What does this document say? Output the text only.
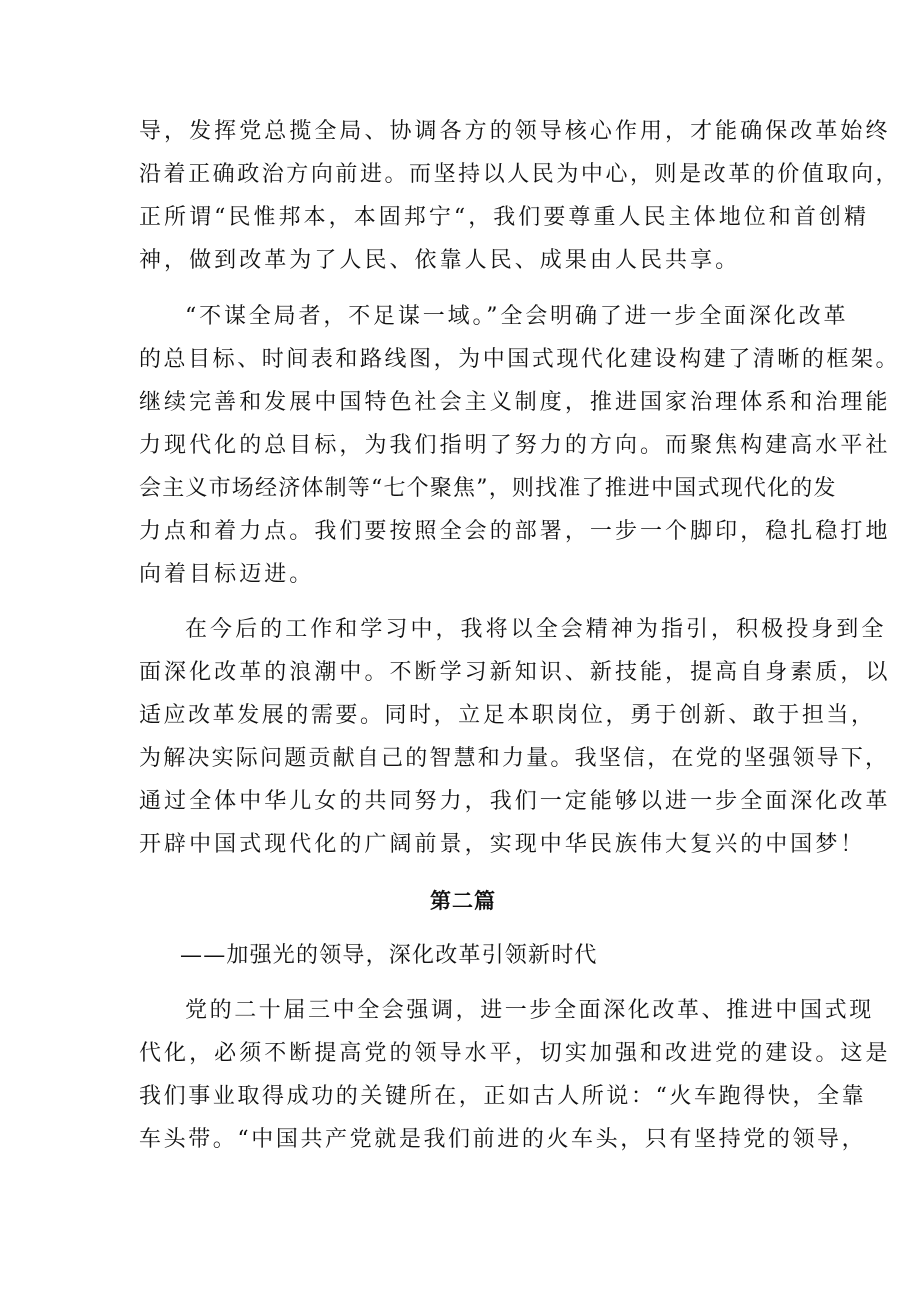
导，发挥党总揽全局、协调各方的领导核心作用，才能确保改革始终
沿着正确政治方向前进。而坚持以人民为中心，则是改革的价值取向，
正所谓“民惟邦本，本固邦宁“，我们要尊重人民主体地位和首创精
神，做到改革为了人民、依靠人民、成果由人民共享。
“不谋全局者，不足谋一域。”全会明确了进一步全面深化改革
的总目标、时间表和路线图，为中国式现代化建设构建了清晰的框架。
继续完善和发展中国特色社会主义制度，推进国家治理体系和治理能
力现代化的总目标，为我们指明了努力的方向。而聚焦构建高水平社
会主义市场经济体制等“七个聚焦”，则找准了推进中国式现代化的发
力点和着力点。我们要按照全会的部署，一步一个脚印，稳扎稳打地
向着目标迈进。
在今后的工作和学习中，我将以全会精神为指引，积极投身到全
面深化改革的浪潮中。不断学习新知识、新技能，提高自身素质，以
适应改革发展的需要。同时，立足本职岗位，勇于创新、敢于担当，
为解决实际问题贡献自己的智慧和力量。我坚信，在党的坚强领导下，
通过全体中华儿女的共同努力，我们一定能够以进一步全面深化改革
开辟中国式现代化的广阔前景，实现中华民族伟大复兴的中国梦！
第二篇
——加强光的领导，深化改革引领新时代
党的二十届三中全会强调，进一步全面深化改革、推进中国式现
代化，必须不断提高党的领导水平，切实加强和改进党的建设。这是
我们事业取得成功的关键所在，正如古人所说：“火车跑得快，全靠
车头带。“中国共产党就是我们前进的火车头，只有坚持党的领导，
